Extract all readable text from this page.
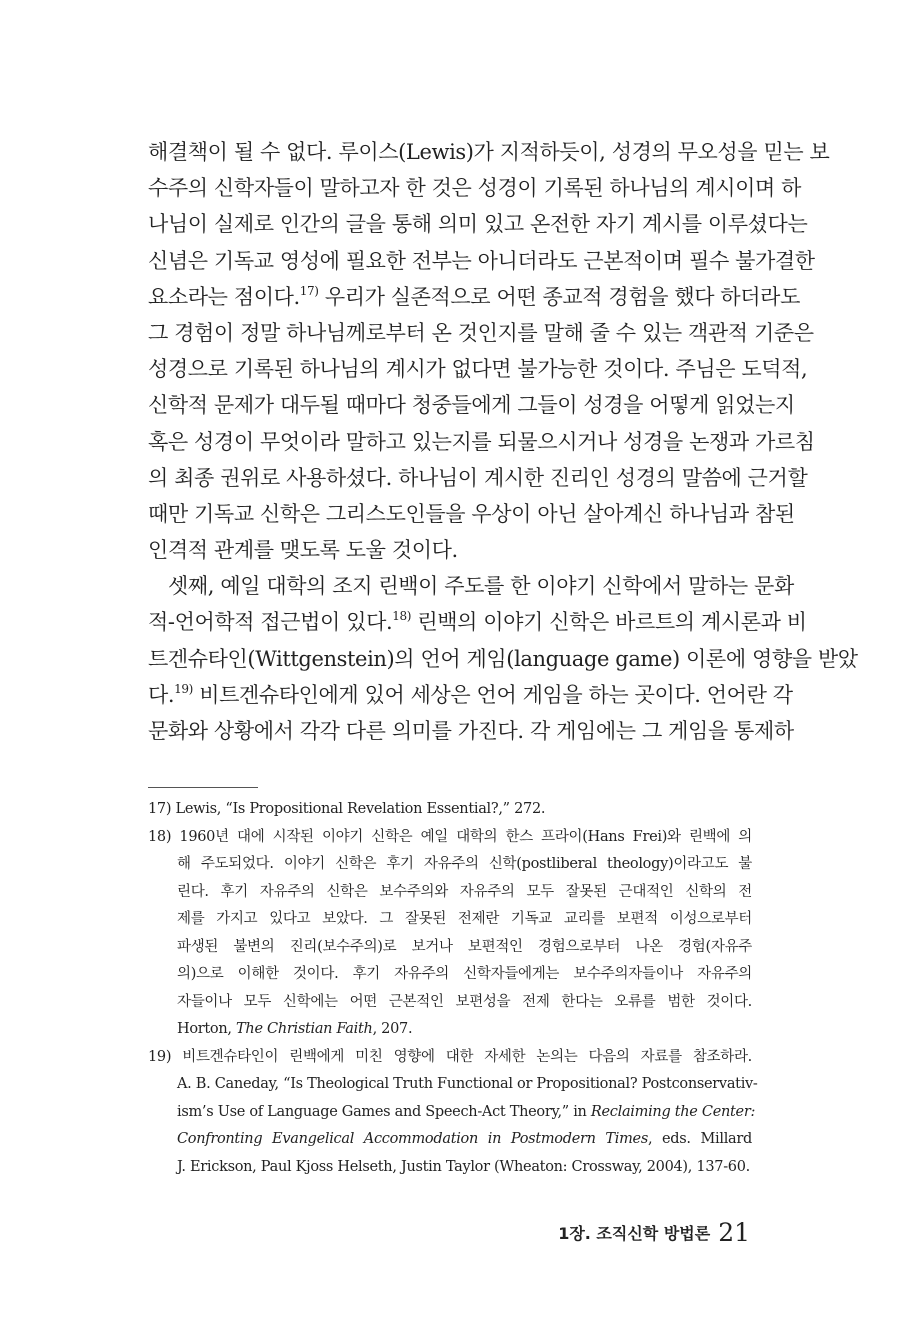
해결책이 될 수 없다. 루이스(Lewis)가 지적하듯이, 성경의 무오성을 믿는 보
수주의 신학자들이 말하고자 한 것은 성경이 기록된 하나님의 계시이며 하
나님이 실제로 인간의 글을 통해 의미 있고 온전한 자기 계시를 이루셨다는
신념은 기독교 영성에 필요한 전부는 아니더라도 근본적이며 필수 불가결한
요소라는 점이다.$^{17)}$ 우리가 실존적으로 어떤 종교적 경험을 했다 하더라도
그 경험이 정말 하나님께로부터 온 것인지를 말해 줄 수 있는 객관적 기준은
성경으로 기록된 하나님의 계시가 없다면 불가능한 것이다. 주님은 도덕적,
신학적 문제가 대두될 때마다 청중들에게 그들이 성경을 어떻게 읽었는지
혹은 성경이 무엇이라 말하고 있는지를 되물으시거나 성경을 논쟁과 가르침
의 최종 권위로 사용하셨다. 하나님이 계시한 진리인 성경의 말씀에 근거할
때만 기독교 신학은 그리스도인들을 우상이 아닌 살아계신 하나님과 참된
인격적 관계를 맺도록 도울 것이다.
셋째, 예일 대학의 조지 린백이 주도를 한 이야기 신학에서 말하는 문화
적-언어학적 접근법이 있다.$^{18)}$ 린백의 이야기 신학은 바르트의 계시론과 비
트겐슈타인(Wittgenstein)의 언어 게임(language game) 이론에 영향을 받았
다.$^{19)}$ 비트겐슈타인에게 있어 세상은 언어 게임을 하는 곳이다. 언어란 각
문화와 상황에서 각각 다른 의미를 가진다. 각 게임에는 그 게임을 통제하
17) Lewis, “Is Propositional Revelation Essential?,” 272.
18) 1960년 대에 시작된 이야기 신학은 예일 대학의 한스 프라이(Hans Frei)와 린백에 의
해 주도되었다. 이야기 신학은 후기 자유주의 신학(postliberal theology)이라고도 불
린다. 후기 자유주의 신학은 보수주의와 자유주의 모두 잘못된 근대적인 신학의 전
제를 가지고 있다고 보았다. 그 잘못된 전제란 기독교 교리를 보편적 이성으로부터
파생된 불변의 진리(보수주의)로 보거나 보편적인 경험으로부터 나온 경험(자유주
의)으로 이해한 것이다. 후기 자유주의 신학자들에게는 보수주의자들이나 자유주의
자들이나 모두 신학에는 어떤 근본적인 보편성을 전제 한다는 오류를 범한 것이다.
Horton, The Christian Faith, 207.
19) 비트겐슈타인이 린백에게 미친 영향에 대한 자세한 논의는 다음의 자료를 참조하라.
A. B. Caneday, “Is Theological Truth Functional or Propositional? Postconservativ-
ism’s Use of Language Games and Speech-Act Theory,” in Reclaiming the Center:
Confronting Evangelical Accommodation in Postmodern Times, eds. Millard
J. Erickson, Paul Kjoss Helseth, Justin Taylor (Wheaton: Crossway, 2004), 137-60.
1장. 조직신학 방법론 21
